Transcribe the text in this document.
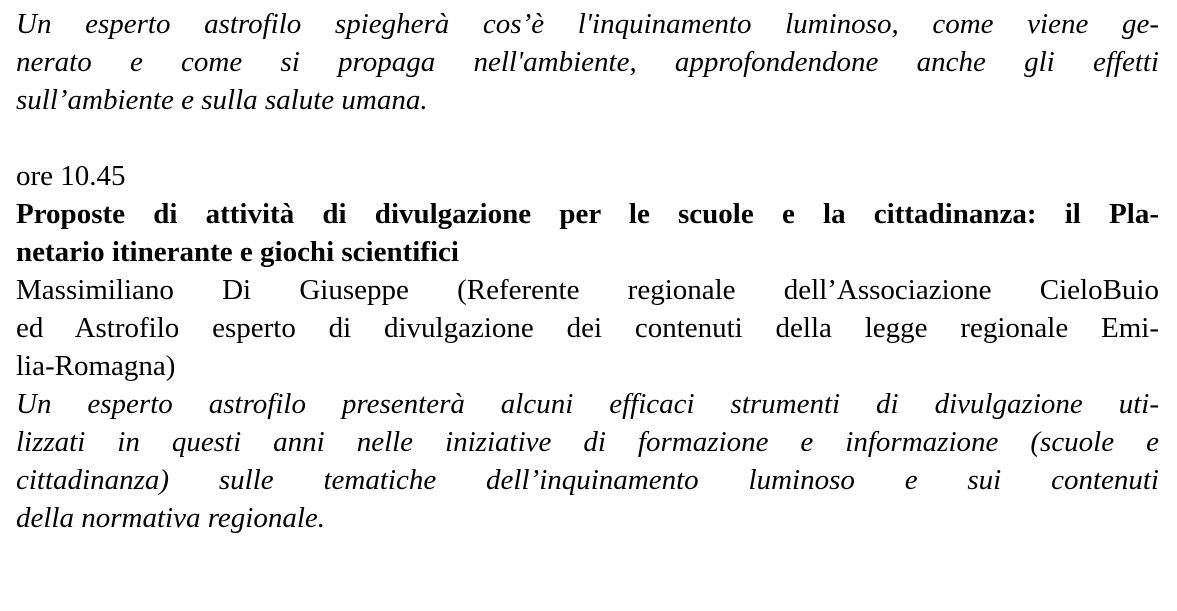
Un esperto astrofilo spiegherà cos’è l'inquinamento luminoso, come viene ge-
nerato e come si propaga nell'ambiente, approfondendone anche gli effetti
sull’ambiente e sulla salute umana.
ore 10.45
Proposte di attività di divulgazione per le scuole e la cittadinanza: il Pla-
netario itinerante e giochi scientifici
Massimiliano Di Giuseppe (Referente regionale dell’Associazione CieloBuio
ed Astrofilo esperto di divulgazione dei contenuti della legge regionale Emi-
lia-Romagna)
Un esperto astrofilo presenterà alcuni efficaci strumenti di divulgazione uti-
lizzati in questi anni nelle iniziative di formazione e informazione (scuole e
cittadinanza) sulle tematiche dell’inquinamento luminoso e sui contenuti
della normativa regionale.
